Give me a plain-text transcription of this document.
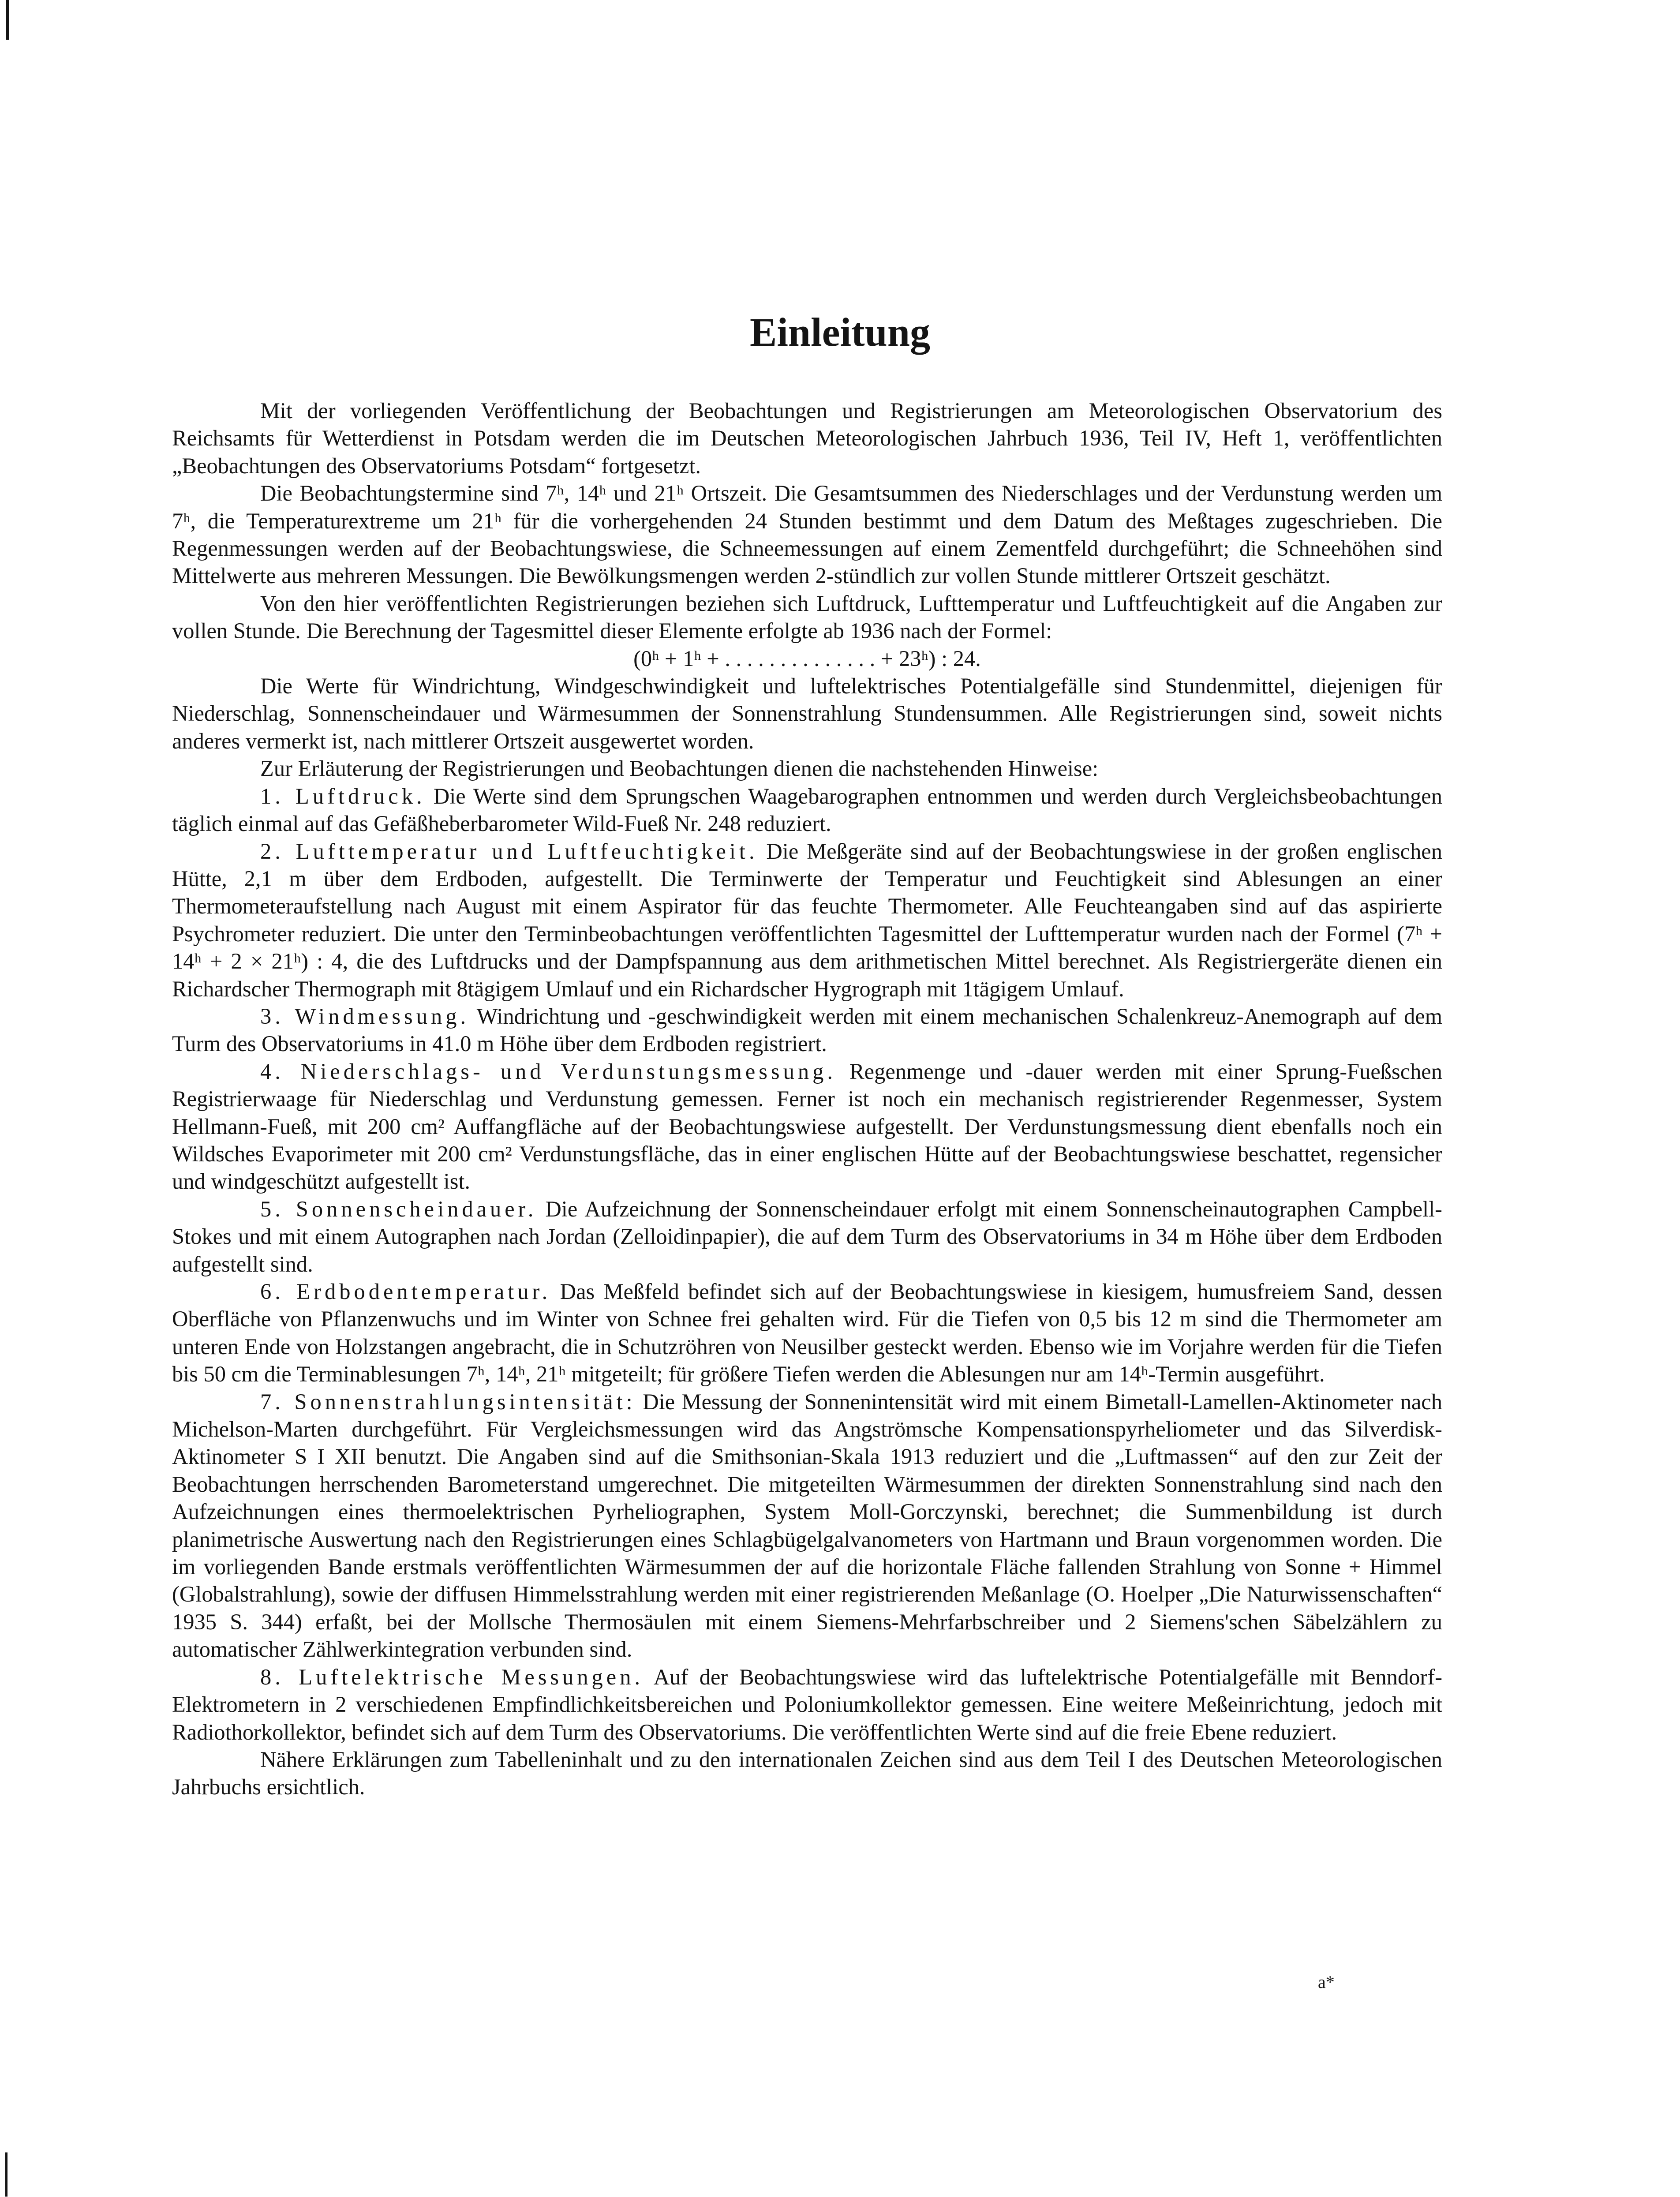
Einleitung

Mit der vorliegenden Veröffentlichung der Beobachtungen und Registrierungen am Meteorologischen Observatorium des Reichsamts für Wetterdienst in Potsdam werden die im Deutschen Meteorologischen Jahrbuch 1936, Teil IV, Heft 1, veröffentlichten „Beobachtungen des Observatoriums Potsdam“ fortgesetzt.

Die Beobachtungstermine sind 7ʰ, 14ʰ und 21ʰ Ortszeit. Die Gesamtsummen des Niederschlages und der Verdunstung werden um 7ʰ, die Temperaturextreme um 21ʰ für die vorhergehenden 24 Stunden bestimmt und dem Datum des Meßtages zugeschrieben. Die Regenmessungen werden auf der Beobachtungswiese, die Schneemessungen auf einem Zementfeld durchgeführt; die Schneehöhen sind Mittelwerte aus mehreren Messungen. Die Bewölkungsmengen werden 2-stündlich zur vollen Stunde mittlerer Ortszeit geschätzt.

Von den hier veröffentlichten Registrierungen beziehen sich Luftdruck, Lufttemperatur und Luftfeuchtigkeit auf die Angaben zur vollen Stunde. Die Berechnung der Tagesmittel dieser Elemente erfolgte ab 1936 nach der Formel:

(0ʰ + 1ʰ + . . . . . . . . . . . . . . + 23ʰ) : 24.

Die Werte für Windrichtung, Windgeschwindigkeit und luftelektrisches Potentialgefälle sind Stundenmittel, diejenigen für Niederschlag, Sonnenscheindauer und Wärmesummen der Sonnenstrahlung Stundensummen. Alle Registrierungen sind, soweit nichts anderes vermerkt ist, nach mittlerer Ortszeit ausgewertet worden.

Zur Erläuterung der Registrierungen und Beobachtungen dienen die nachstehenden Hinweise:

1. Luftdruck. Die Werte sind dem Sprungschen Waagebarographen entnommen und werden durch Vergleichsbeobachtungen täglich einmal auf das Gefäßheberbarometer Wild-Fueß Nr. 248 reduziert.

2. Lufttemperatur und Luftfeuchtigkeit. Die Meßgeräte sind auf der Beobachtungswiese in der großen englischen Hütte, 2,1 m über dem Erdboden, aufgestellt. Die Terminwerte der Temperatur und Feuchtigkeit sind Ablesungen an einer Thermometeraufstellung nach August mit einem Aspirator für das feuchte Thermometer. Alle Feuchteangaben sind auf das aspirierte Psychrometer reduziert. Die unter den Terminbeobachtungen veröffentlichten Tagesmittel der Lufttemperatur wurden nach der Formel (7ʰ + 14ʰ + 2 × 21ʰ) : 4, die des Luftdrucks und der Dampfspannung aus dem arithmetischen Mittel berechnet. Als Registriergeräte dienen ein Richardscher Thermograph mit 8tägigem Umlauf und ein Richardscher Hygrograph mit 1tägigem Umlauf.

3. Windmessung. Windrichtung und -geschwindigkeit werden mit einem mechanischen Schalenkreuz-Anemograph auf dem Turm des Observatoriums in 41.0 m Höhe über dem Erdboden registriert.

4. Niederschlags- und Verdunstungsmessung. Regenmenge und -dauer werden mit einer Sprung-Fueßschen Registrierwaage für Niederschlag und Verdunstung gemessen. Ferner ist noch ein mechanisch registrierender Regenmesser, System Hellmann-Fueß, mit 200 cm² Auffangfläche auf der Beobachtungswiese aufgestellt. Der Verdunstungsmessung dient ebenfalls noch ein Wildsches Evaporimeter mit 200 cm² Verdunstungsfläche, das in einer englischen Hütte auf der Beobachtungswiese beschattet, regensicher und windgeschützt aufgestellt ist.

5. Sonnenscheindauer. Die Aufzeichnung der Sonnenscheindauer erfolgt mit einem Sonnenscheinautographen Campbell-Stokes und mit einem Autographen nach Jordan (Zelloidinpapier), die auf dem Turm des Observatoriums in 34 m Höhe über dem Erdboden aufgestellt sind.

6. Erdbodentemperatur. Das Meßfeld befindet sich auf der Beobachtungswiese in kiesigem, humusfreiem Sand, dessen Oberfläche von Pflanzenwuchs und im Winter von Schnee frei gehalten wird. Für die Tiefen von 0,5 bis 12 m sind die Thermometer am unteren Ende von Holzstangen angebracht, die in Schutzröhren von Neusilber gesteckt werden. Ebenso wie im Vorjahre werden für die Tiefen bis 50 cm die Terminablesungen 7ʰ, 14ʰ, 21ʰ mitgeteilt; für größere Tiefen werden die Ablesungen nur am 14ʰ-Termin ausgeführt.

7. Sonnenstrahlungsintensität: Die Messung der Sonnenintensität wird mit einem Bimetall-Lamellen-Aktinometer nach Michelson-Marten durchgeführt. Für Vergleichsmessungen wird das Angströmsche Kompensationspyrheliometer und das Silverdisk-Aktinometer S I XII benutzt. Die Angaben sind auf die Smithsonian-Skala 1913 reduziert und die „Luftmassen“ auf den zur Zeit der Beobachtungen herrschenden Barometerstand umgerechnet. Die mitgeteilten Wärmesummen der direkten Sonnenstrahlung sind nach den Aufzeichnungen eines thermoelektrischen Pyrheliographen, System Moll-Gorczynski, berechnet; die Summenbildung ist durch planimetrische Auswertung nach den Registrierungen eines Schlagbügelgalvanometers von Hartmann und Braun vorgenommen worden. Die im vorliegenden Bande erstmals veröffentlichten Wärmesummen der auf die horizontale Fläche fallenden Strahlung von Sonne + Himmel (Globalstrahlung), sowie der diffusen Himmelsstrahlung werden mit einer registrierenden Meßanlage (O. Hoelper „Die Naturwissenschaften“ 1935 S. 344) erfaßt, bei der Mollsche Thermosäulen mit einem Siemens-Mehrfarbschreiber und 2 Siemens'schen Säbelzählern zu automatischer Zählwerkintegration verbunden sind.

8. Luftelektrische Messungen. Auf der Beobachtungswiese wird das luftelektrische Potentialgefälle mit Benndorf-Elektrometern in 2 verschiedenen Empfindlichkeitsbereichen und Poloniumkollektor gemessen. Eine weitere Meßeinrichtung, jedoch mit Radiothorkollektor, befindet sich auf dem Turm des Observatoriums. Die veröffentlichten Werte sind auf die freie Ebene reduziert.

Nähere Erklärungen zum Tabelleninhalt und zu den internationalen Zeichen sind aus dem Teil I des Deutschen Meteorologischen Jahrbuchs ersichtlich.

a*
